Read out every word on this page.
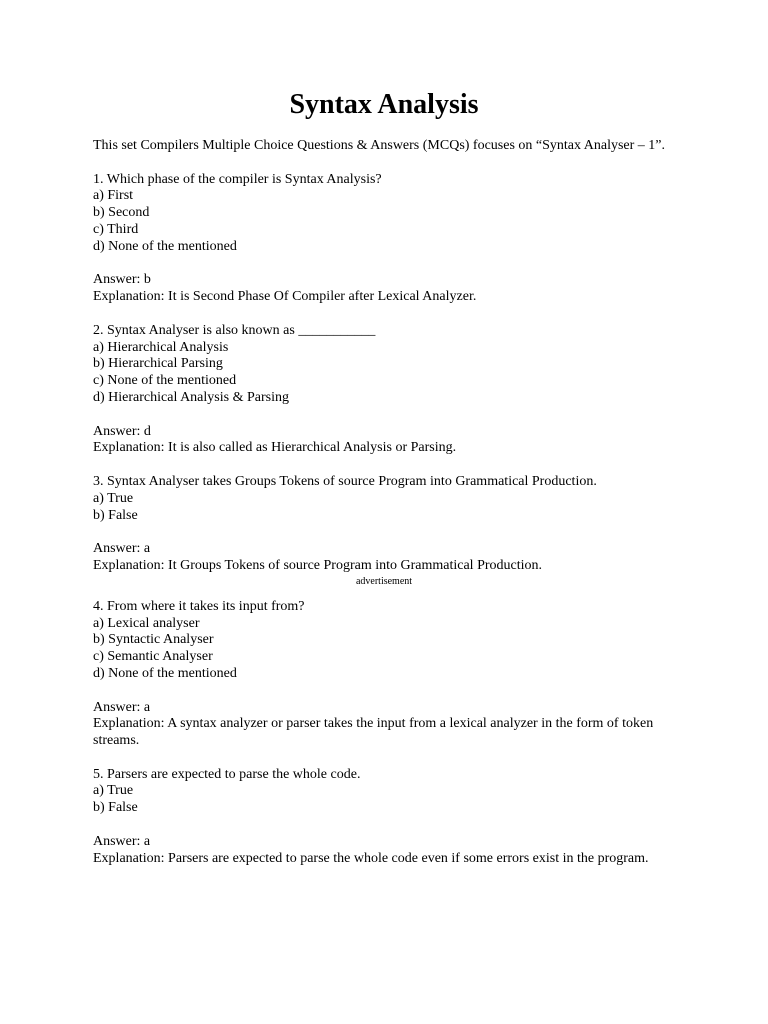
Syntax Analysis

This set Compilers Multiple Choice Questions & Answers (MCQs) focuses on “Syntax Analyser – 1”.

1. Which phase of the compiler is Syntax Analysis?
a) First
b) Second
c) Third
d) None of the mentioned
Answer: b
Explanation: It is Second Phase Of Compiler after Lexical Analyzer.
2. Syntax Analyser is also known as ___________
a) Hierarchical Analysis
b) Hierarchical Parsing
c) None of the mentioned
d) Hierarchical Analysis & Parsing
Answer: d
Explanation: It is also called as Hierarchical Analysis or Parsing.
3. Syntax Analyser takes Groups Tokens of source Program into Grammatical Production.
a) True
b) False
Answer: a
Explanation: It Groups Tokens of source Program into Grammatical Production.
advertisement
4. From where it takes its input from?
a) Lexical analyser
b) Syntactic Analyser
c) Semantic Analyser
d) None of the mentioned
Answer: a
Explanation: A syntax analyzer or parser takes the input from a lexical analyzer in the form of token streams.
5. Parsers are expected to parse the whole code.
a) True
b) False
Answer: a
Explanation: Parsers are expected to parse the whole code even if some errors exist in the program.
